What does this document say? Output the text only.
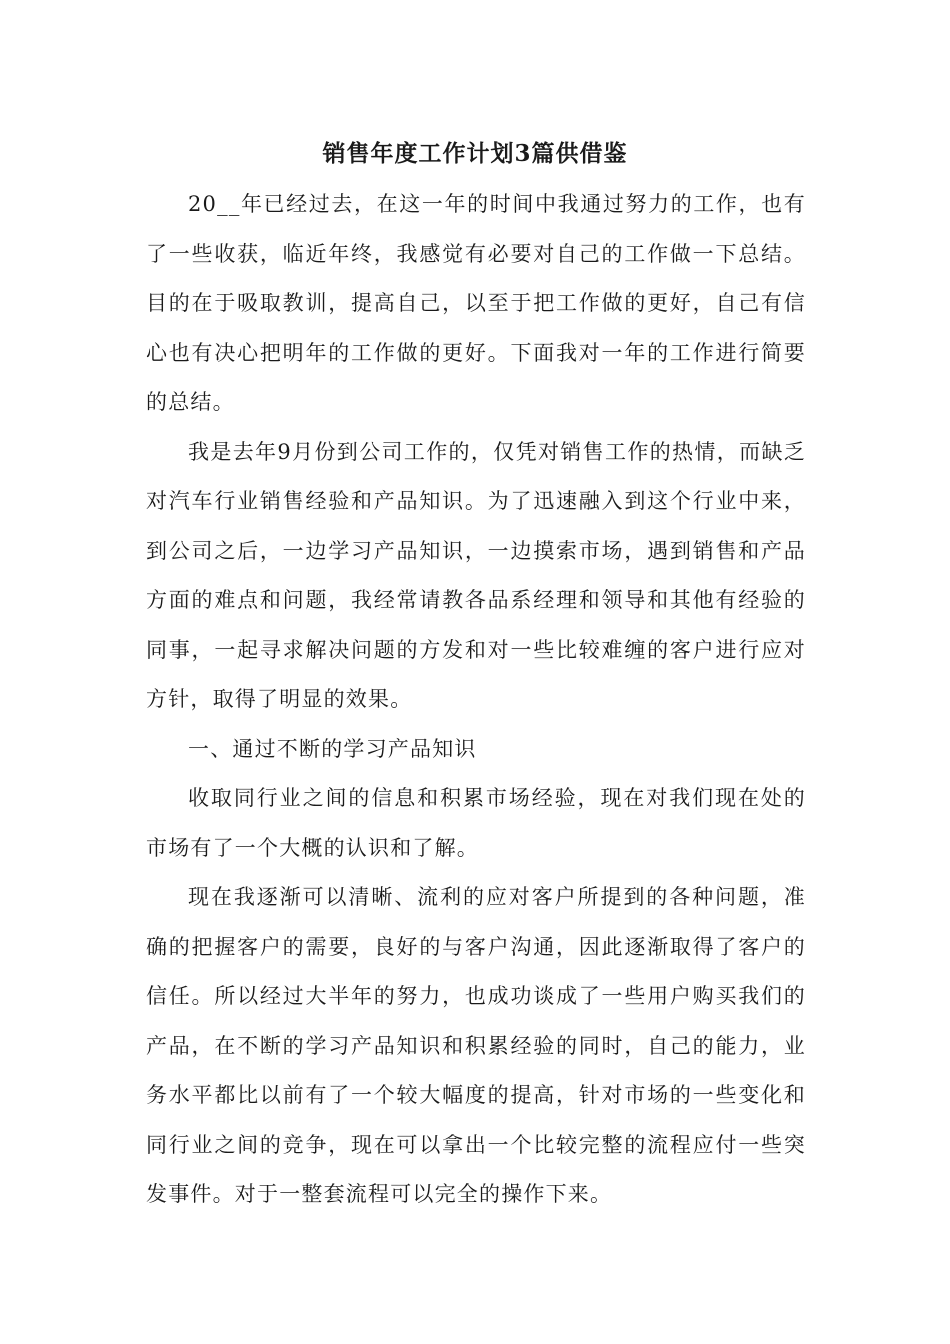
销售年度工作计划3篇供借鉴

20__年已经过去，在这一年的时间中我通过努力的工作，也有了一些收获，临近年终，我感觉有必要对自己的工作做一下总结。目的在于吸取教训，提高自己，以至于把工作做的更好，自己有信心也有决心把明年的工作做的更好。下面我对一年的工作进行简要的总结。

我是去年9月份到公司工作的，仅凭对销售工作的热情，而缺乏对汽车行业销售经验和产品知识。为了迅速融入到这个行业中来，到公司之后，一边学习产品知识，一边摸索市场，遇到销售和产品方面的难点和问题，我经常请教各品系经理和领导和其他有经验的同事，一起寻求解决问题的方发和对一些比较难缠的客户进行应对方针，取得了明显的效果。

一、通过不断的学习产品知识

收取同行业之间的信息和积累市场经验，现在对我们现在处的市场有了一个大概的认识和了解。

现在我逐渐可以清晰、流利的应对客户所提到的各种问题，准确的把握客户的需要，良好的与客户沟通，因此逐渐取得了客户的信任。所以经过大半年的努力，也成功谈成了一些用户购买我们的产品，在不断的学习产品知识和积累经验的同时，自己的能力，业务水平都比以前有了一个较大幅度的提高，针对市场的一些变化和同行业之间的竞争，现在可以拿出一个比较完整的流程应付一些突发事件。对于一整套流程可以完全的操作下来。
